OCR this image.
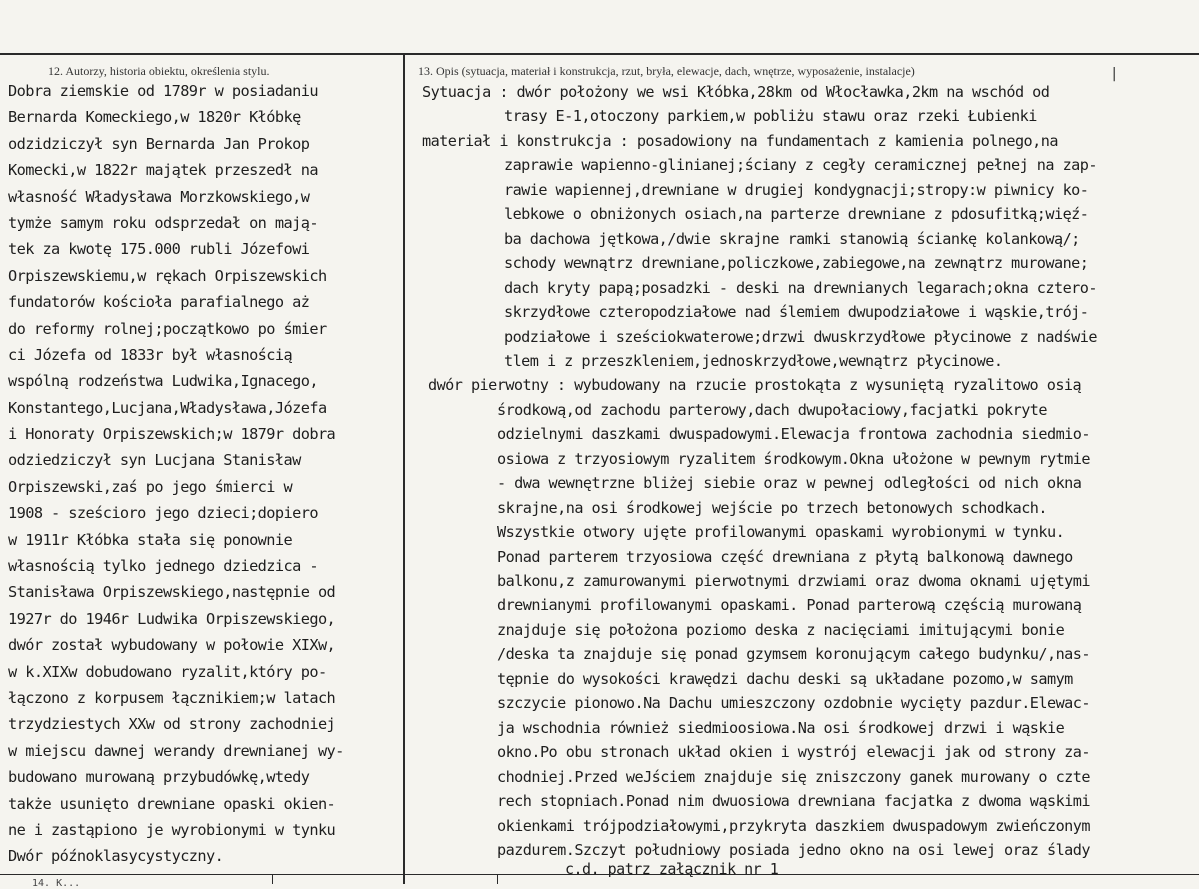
12. Autorzy, historia obiektu, określenia stylu.	13. Opis (sytuacja, materiał i konstrukcja, rzut, bryła, elewacje, dach, wnętrze, wyposażenie, instalacje)	|
Dobra ziemskie od 1789r w posiadaniu
Bernarda Komeckiego,w 1820r Kłóbkę
odzidziczył syn Bernarda Jan Prokop
Komecki,w 1822r majątek przeszedł na
własność Władysława Morzkowskiego,w
tymże samym roku odsprzedał on mają-
tek za kwotę 175.000 rubli Józefowi
Orpiszewskiemu,w rękach Orpiszewskich
fundatorów kościoła parafialnego aż
do reformy rolnej;początkowo po śmier
ci Józefa od 1833r był własnością
wspólną rodzeństwa Ludwika,Ignacego,
Konstantego,Lucjana,Władysława,Józefa
i Honoraty Orpiszewskich;w 1879r dobra
odziedziczył syn Lucjana Stanisław
Orpiszewski,zaś po jego śmierci w
1908 - sześcioro jego dzieci;dopiero
w 1911r Kłóbka stała się ponownie
własnością tylko jednego dziedzica -
Stanisława Orpiszewskiego,następnie od
1927r do 1946r Ludwika Orpiszewskiego,
dwór został wybudowany w połowie XIXw,
w k.XIXw dobudowano ryzalit,który po-
łączono z korpusem łącznikiem;w latach
trzydziestych XXw od strony zachodniej
w miejscu dawnej werandy drewnianej wy-
budowano murowaną przybudówkę,wtedy
także usunięto drewniane opaski okien-
ne i zastąpiono je wyrobionymi w tynku
Dwór późnoklasycystyczny.
Sytuacja : dwór położony we wsi Kłóbka,28km od Włocławka,2km na wschód od
trasy E-1,otoczony parkiem,w pobliżu stawu oraz rzeki Łubienki
materiał i konstrukcja : posadowiony na fundamentach z kamienia polnego,na
zaprawie wapienno-glinianej;ściany z cegły ceramicznej pełnej na zap-
rawie wapiennej,drewniane w drugiej kondygnacji;stropy:w piwnicy ko-
lebkowe o obniżonych osiach,na parterze drewniane z pdosufitką;więź-
ba dachowa jętkowa,/dwie skrajne ramki stanowią ściankę kolankową/;
schody wewnątrz drewniane,policzkowe,zabiegowe,na zewnątrz murowane;
dach kryty papą;posadzki - deski na drewnianych legarach;okna cztero-
skrzydłowe czteropodziałowe nad ślemiem dwupodziałowe i wąskie,trój-
podziałowe i sześciokwaterowe;drzwi dwuskrzydłowe płycinowe z nadświe
tlem i z przeszkleniem,jednoskrzydłowe,wewnątrz płycinowe.
dwór pierwotny : wybudowany na rzucie prostokąta z wysuniętą ryzalitowo osią
środkową,od zachodu parterowy,dach dwupołaciowy,facjatki pokryte
odzielnymi daszkami dwuspadowymi.Elewacja frontowa zachodnia siedmio-
osiowa z trzyosiowym ryzalitem środkowym.Okna ułożone w pewnym rytmie
- dwa wewnętrzne bliżej siebie oraz w pewnej odległości od nich okna
skrajne,na osi środkowej wejście po trzech betonowych schodkach.
Wszystkie otwory ujęte profilowanymi opaskami wyrobionymi w tynku.
Ponad parterem trzyosiowa część drewniana z płytą balkonową dawnego
balkonu,z zamurowanymi pierwotnymi drzwiami oraz dwoma oknami ujętymi
drewnianymi profilowanymi opaskami. Ponad parterową częścią murowaną
znajduje się położona poziomo deska z nacięciami imitującymi bonie
/deska ta znajduje się ponad gzymsem koronującym całego budynku/,nas-
tępnie do wysokości krawędzi dachu deski są układane pozomo,w samym
szczycie pionowo.Na Dachu umieszczony ozdobnie wycięty pazdur.Elewac-
ja wschodnia również siedmioosiowa.Na osi środkowej drzwi i wąskie
okno.Po obu stronach układ okien i wystrój elewacji jak od strony za-
chodniej.Przed weJściem znajduje się zniszczony ganek murowany o czte
rech stopniach.Ponad nim dwuosiowa drewniana facjatka z dwoma wąskimi
okienkami trójpodziałowymi,przykryta daszkiem dwuspadowym zwieńczonym
pazdurem.Szczyt południowy posiada jedno okno na osi lewej oraz ślady
c.d. patrz załącznik nr 1
14. K...
